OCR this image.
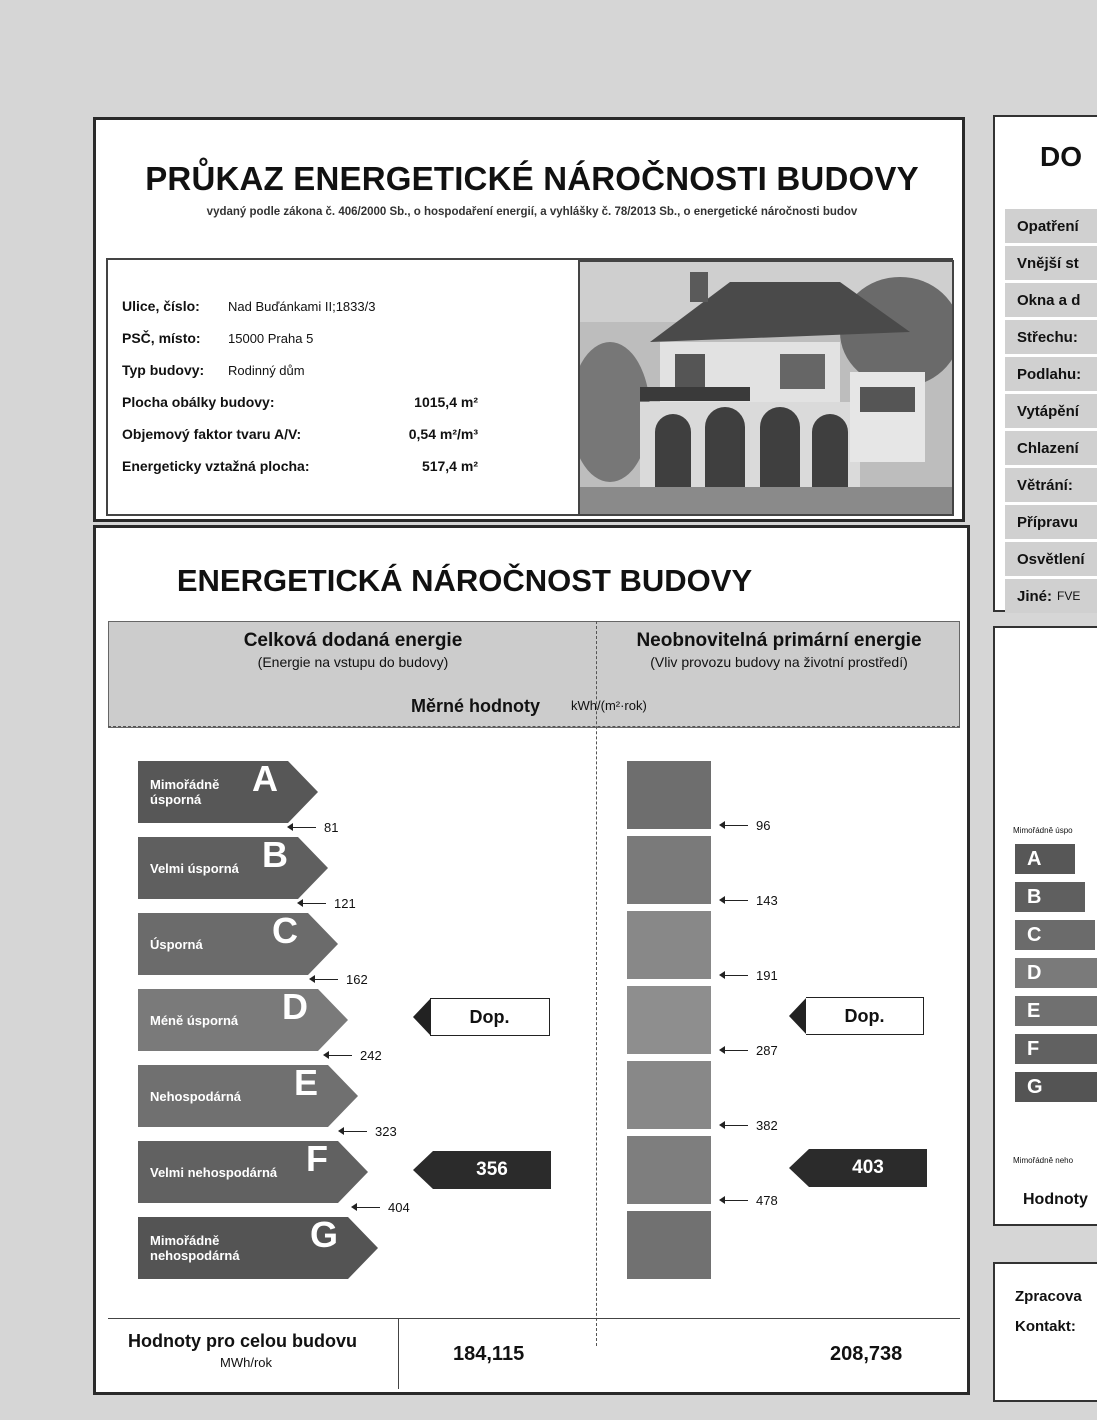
PRŮKAZ ENERGETICKÉ NÁROČNOSTI BUDOVY
vydaný podle zákona č. 406/2000 Sb., o hospodaření energií, a vyhlášky č. 78/2013 Sb., o energetické náročnosti budov
Ulice, číslo: Nad Buďánkami II;1833/3
PSČ, místo: 15000 Praha 5
Typ budovy: Rodinný dům
Plocha obálky budovy:	1015,4 m²
Objemový faktor tvaru A/V:	0,54 m²/m³
Energeticky vztažná plocha:	517,4 m²
ENERGETICKÁ NÁROČNOST BUDOVY
Celková dodaná energie
(Energie na vstupu do budovy)
Neobnovitelná primární energie
(Vliv provozu budovy na životní prostředí)
Měrné hodnoty kWh/(m²·rok)
Mimořádně úsporná
A
Velmi úsporná B
Úsporná C
Méně úsporná D
Nehospodárná E
Velmi nehospodárná F
Mimořádně nehospodárná
G
81
121
162
242
323
404
96
143
191
287
382
478
Dop.	Dop.
356	403
Hodnoty pro celou budovu
MWh/rok	184,115	208,738
DO
Opatření
Vnější st
Okna a d
Střechu:
Podlahu:
Vytápění
Chlazení
Větrání:
Přípravu
Osvětlení
Jiné: FVE
Mimořádně úspo
A
B
C
D
E
F
G
Mimořádně neho
Hodnoty
Zpracova
Kontakt:
